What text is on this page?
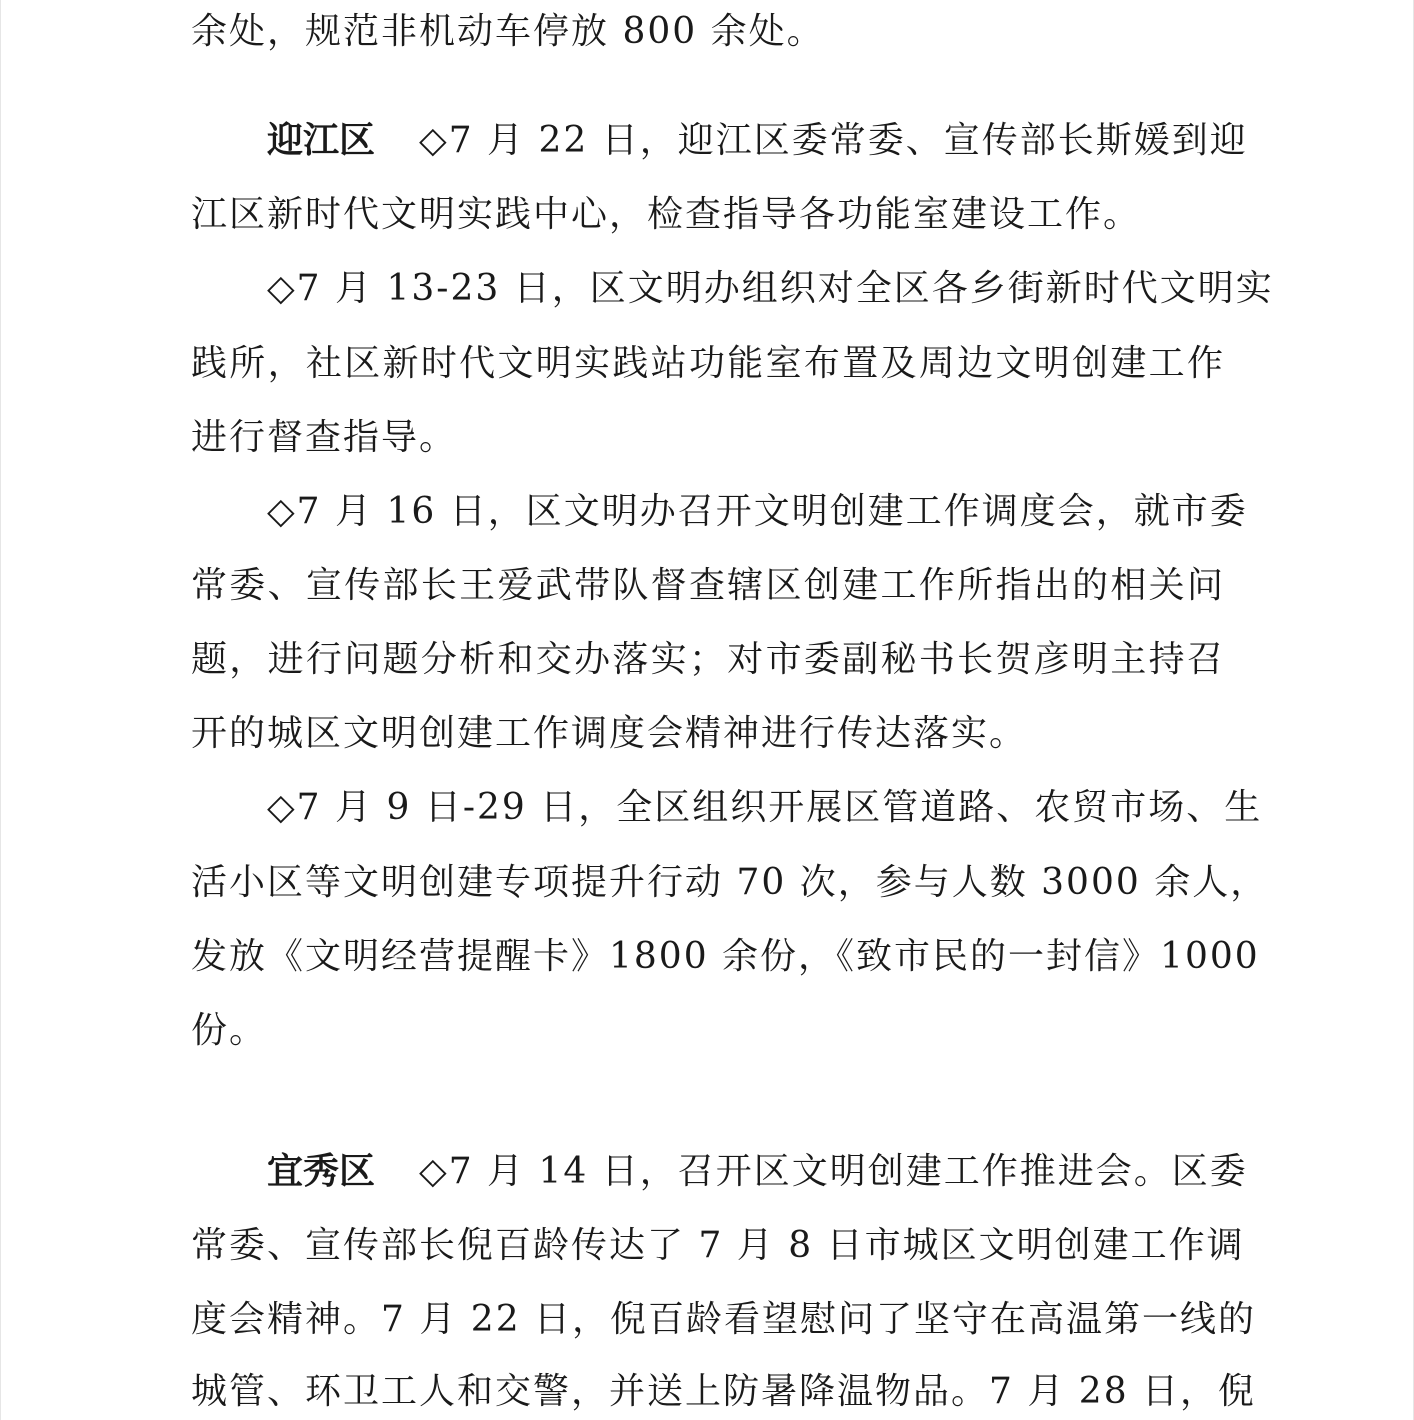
余处，规范非机动车停放 800 余处。
迎江区 ◇7 月 22 日，迎江区委常委、宣传部长斯媛到迎
江区新时代文明实践中心，检查指导各功能室建设工作。
◇7 月 13-23 日，区文明办组织对全区各乡街新时代文明实
践所，社区新时代文明实践站功能室布置及周边文明创建工作
进行督查指导。
◇7 月 16 日，区文明办召开文明创建工作调度会，就市委
常委、宣传部长王爱武带队督查辖区创建工作所指出的相关问
题，进行问题分析和交办落实；对市委副秘书长贺彦明主持召
开的城区文明创建工作调度会精神进行传达落实。
◇7 月 9 日-29 日，全区组织开展区管道路、农贸市场、生
活小区等文明创建专项提升行动 70 次，参与人数 3000 余人，
发放《文明经营提醒卡》1800 余份，《致市民的一封信》1000
份。
宜秀区 ◇7 月 14 日，召开区文明创建工作推进会。区委
常委、宣传部长倪百龄传达了 7 月 8 日市城区文明创建工作调
度会精神。7 月 22 日，倪百龄看望慰问了坚守在高温第一线的
城管、环卫工人和交警，并送上防暑降温物品。7 月 28 日，倪
